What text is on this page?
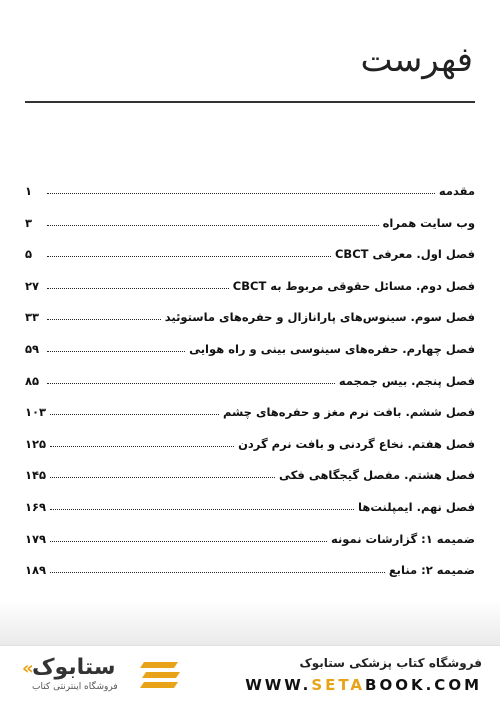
فهرست
مقدمه
۱
وب سایت همراه
۳
فصل اول. معرفی CBCT
۵
فصل دوم. مسائل حقوقی مربوط به CBCT
۲۷
فصل سوم. سینوس‌های پارانازال و حفره‌های ماستوئید
۳۳
فصل چهارم. حفره‌های سینوسی بینی و راه هوایی
۵۹
فصل پنجم. بیس جمجمه
۸۵
فصل ششم. بافت نرم مغز و حفره‌های چشم
۱۰۳
فصل هفتم. نخاع گردنی و بافت نرم گردن
۱۲۵
فصل هشتم. مفصل گیجگاهی فکی
۱۴۵
فصل نهم. ایمپلنت‌ها
۱۶۹
ضمیمه ۱: گزارشات نمونه
۱۷۹
ضمیمه ۲: منابع
۱۸۹
«
ستابوک
فروشگاه اینترنتی کتاب
فروشگاه کتاب پزشکی ستابوک
WWW.SETABOOK.COM
